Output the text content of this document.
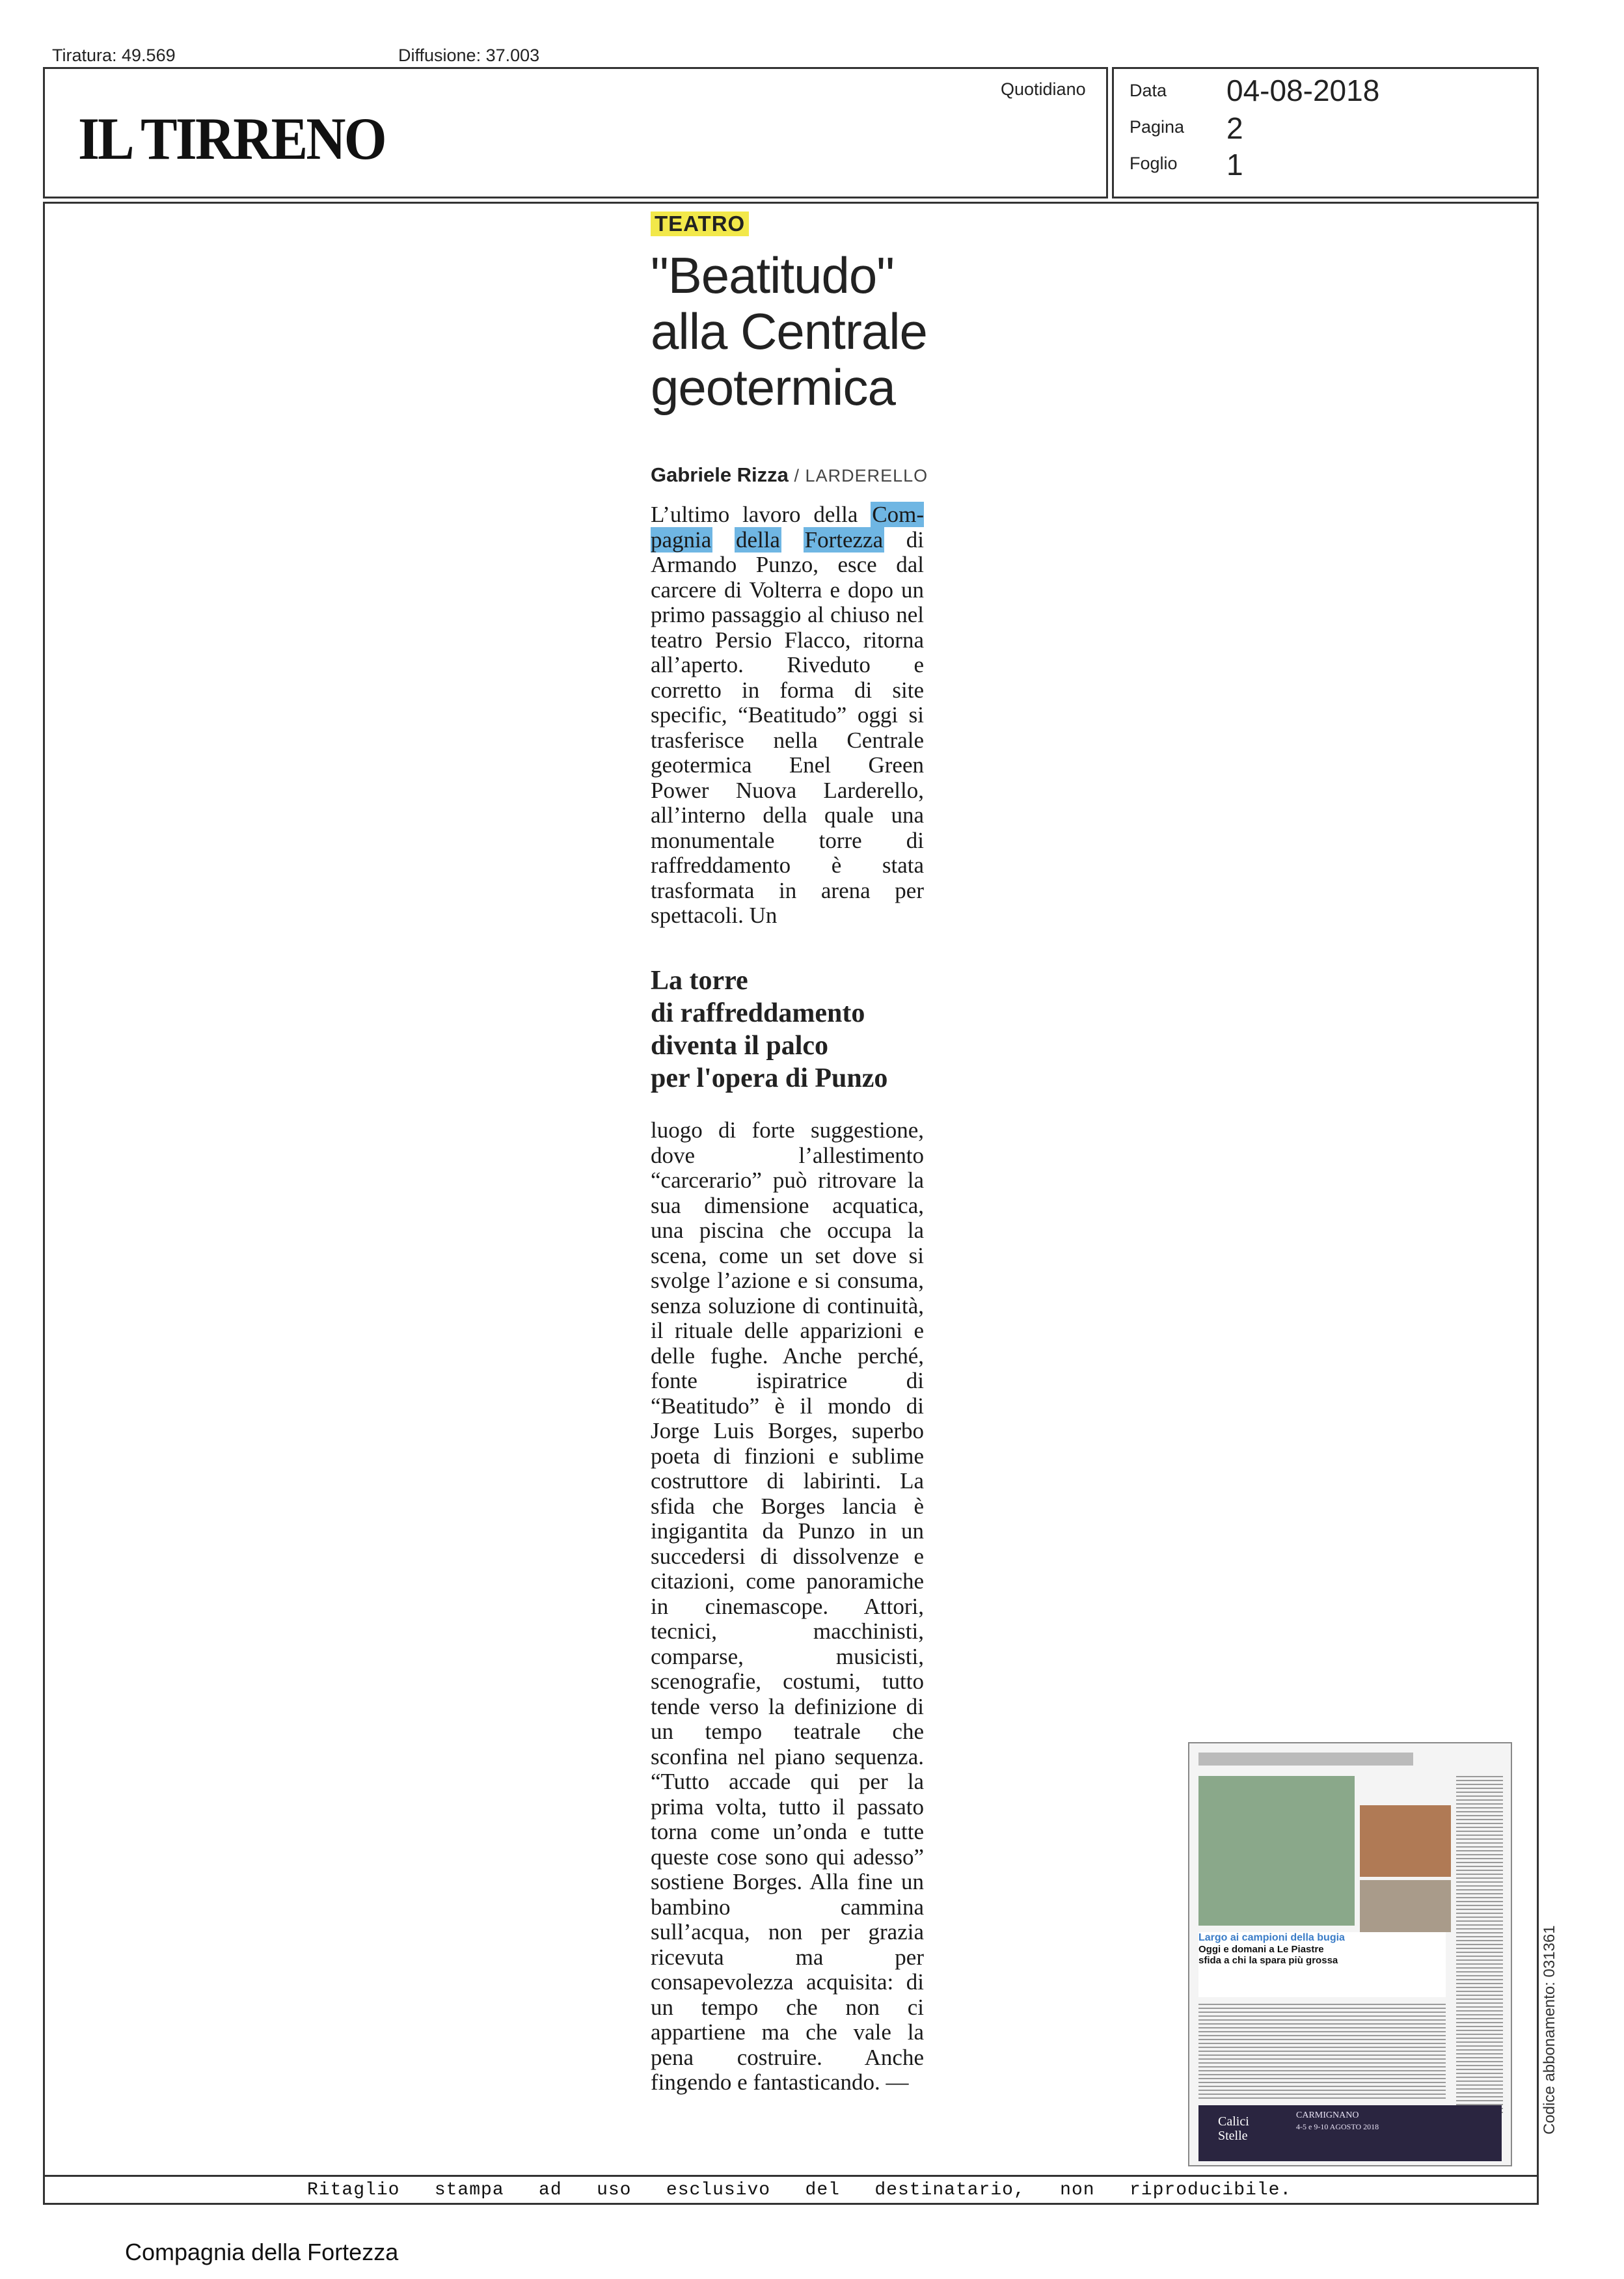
Tiratura: 49.569	Diffusione: 37.003
IL TIRRENO
Quotidiano Data 04-08-2018
Pagina 2
Foglio 1
TEATRO
"Beatitudo"
alla Centrale
geotermica
Gabriele Rizza / LARDERELLO

L’ultimo lavoro della Com-pagnia della Fortezza di Armando Punzo, esce dal carcere di Volterra e dopo un primo passaggio al chiuso nel teatro Persio Flacco, ritorna all’aperto. Riveduto e corretto in forma di site specific, “Beatitudo” oggi si trasferisce nella Centrale geotermica Enel Green Power Nuova Larderello, all’interno della quale una monumentale torre di raffreddamento è stata trasformata in arena per spettacoli. Un

La torre
di raffreddamento
diventa il palco
per l'opera di Punzo

luogo di forte suggestione, dove l’allestimento “carcerario” può ritrovare la sua dimensione acquatica, una piscina che occupa la scena, come un set dove si svolge l’azione e si consuma, senza soluzione di continuità, il rituale delle apparizioni e delle fughe. Anche perché, fonte ispiratrice di “Beatitudo” è il mondo di Jorge Luis Borges, superbo poeta di finzioni e sublime costruttore di labirinti. La sfida che Borges lancia è ingigantita da Punzo in un succedersi di dissolvenze e citazioni, come panoramiche in cinemascope. Attori, tecnici, macchinisti, comparse, musicisti, scenografie, costumi, tutto tende verso la definizione di un tempo teatrale che sconfina nel piano sequenza. “Tutto accade qui per la prima volta, tutto il passato torna come un’onda e tutte queste cose sono qui adesso” sostiene Borges. Alla fine un bambino cammina sull’acqua, non per grazia ricevuta ma per consapevolezza acquisita: di un tempo che non ci appartiene ma che vale la pena costruire. Anche fingendo e fantasticando. —

Largo ai campioni della bugia
Oggi e domani a Le Piastre
sfida a chi la spara più grossa
Calici
Stelle
CARMIGNANO
4-5 e 9-10 AGOSTO 2018
Ritaglio   stampa   ad   uso   esclusivo   del   destinatario,   non   riproducibile.
Codice abbonamento: 031361
Compagnia della Fortezza
